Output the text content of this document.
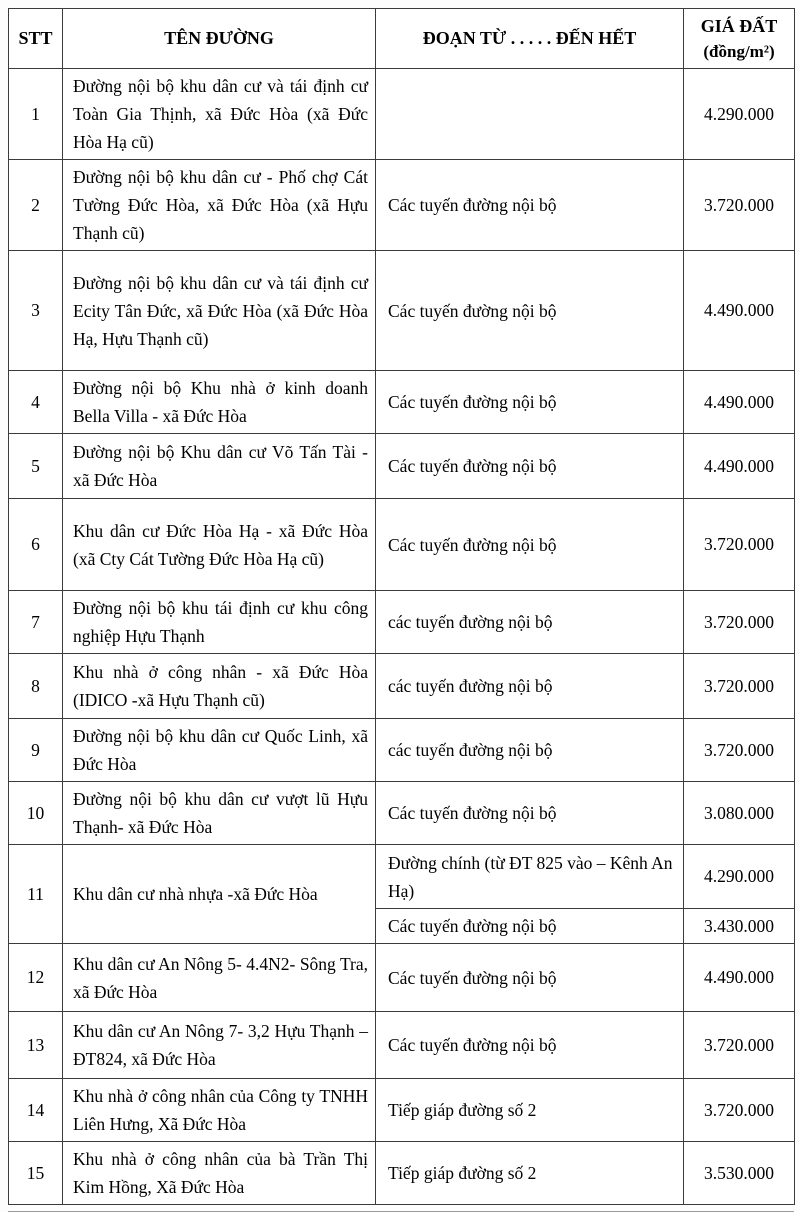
STT	TÊN ĐƯỜNG	ĐOẠN TỪ . . . . . ĐẾN HẾT	GIÁ ĐẤT
(đồng/m²)

1	Đường nội bộ khu dân cư và tái định cư Toàn Gia Thịnh, xã Đức Hòa (xã Đức Hòa Hạ cũ)		4.290.000
2	Đường nội bộ khu dân cư - Phố chợ Cát Tường Đức Hòa, xã Đức Hòa (xã Hựu Thạnh cũ)	Các tuyến đường nội bộ	3.720.000
3	Đường nội bộ khu dân cư và tái định cư Ecity Tân Đức, xã Đức Hòa (xã Đức Hòa Hạ, Hựu Thạnh cũ)	Các tuyến đường nội bộ	4.490.000
4	Đường nội bộ Khu nhà ở kinh doanh Bella Villa - xã Đức Hòa	Các tuyến đường nội bộ	4.490.000
5	Đường nội bộ Khu dân cư Võ Tấn Tài - xã Đức Hòa	Các tuyến đường nội bộ	4.490.000
6	Khu dân cư Đức Hòa Hạ - xã Đức Hòa (xã Cty Cát Tường Đức Hòa Hạ cũ)	Các tuyến đường nội bộ	3.720.000
7	Đường nội bộ khu tái định cư khu công nghiệp Hựu Thạnh	các tuyến đường nội bộ	3.720.000
8	Khu nhà ở công nhân - xã Đức Hòa (IDICO -xã Hựu Thạnh cũ)	các tuyến đường nội bộ	3.720.000
9	Đường nội bộ khu dân cư Quốc Linh, xã Đức Hòa	các tuyến đường nội bộ	3.720.000
10	Đường nội bộ khu dân cư vượt lũ Hựu Thạnh- xã Đức Hòa	Các tuyến đường nội bộ	3.080.000
11	Khu dân cư nhà nhựa -xã Đức Hòa	Đường chính (từ ĐT 825 vào – Kênh An Hạ)	4.290.000
		Các tuyến đường nội bộ	3.430.000
12	Khu dân cư An Nông 5- 4.4N2- Sông Tra, xã Đức Hòa	Các tuyến đường nội bộ	4.490.000
13	Khu dân cư An Nông 7- 3,2 Hựu Thạnh – ĐT824, xã Đức Hòa	Các tuyến đường nội bộ	3.720.000
14	Khu nhà ở công nhân của Công ty TNHH Liên Hưng, Xã Đức Hòa	Tiếp giáp đường số 2	3.720.000
15	Khu nhà ở công nhân của bà Trần Thị Kim Hồng, Xã Đức Hòa	Tiếp giáp đường số 2	3.530.000
